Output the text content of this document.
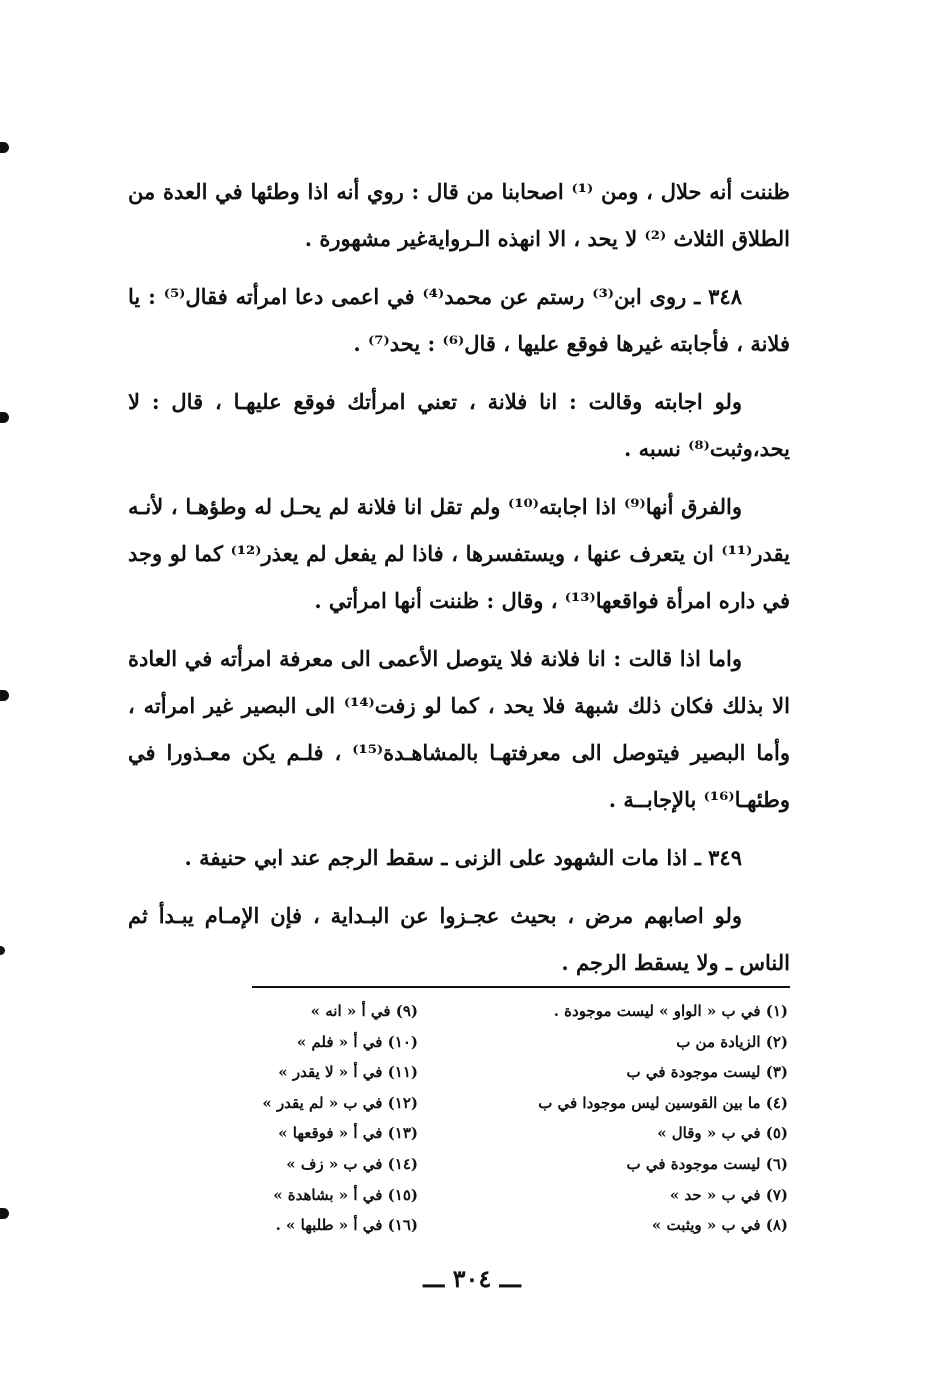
ظننت أنه حلال ، ومن ⁽¹⁾ اصحابنا من قال : روي أنه اذا وطئها في العدة من الطلاق الثلاث ⁽²⁾ لا يحد ، الا انهذه الـروايةغير مشهورة .

٣٤٨ ـ روى ابن⁽³⁾ رستم عن محمد⁽⁴⁾ في اعمى دعا امرأته فقال⁽⁵⁾ : يا فلانة ، فأجابته غيرها فوقع عليها ، قال⁽⁶⁾ : يحد⁽⁷⁾ .

ولو اجابته وقالت : انا فلانة ، تعني امرأتك فوقع عليهـا ، قال : لا يحد،وثبت⁽⁸⁾ نسبه .

والفرق أنها⁽⁹⁾ اذا اجابته⁽¹⁰⁾ ولم تقل انا فلانة لم يحـل له وطؤهـا ، لأنـه يقدر⁽¹¹⁾ ان يتعرف عنها ، ويستفسرها ، فاذا لم يفعل لم يعذر⁽¹²⁾ كما لو وجد في داره امرأة فواقعها⁽¹³⁾ ، وقال : ظننت أنها امرأتي .

واما اذا قالت : انا فلانة فلا يتوصل الأعمى الى معرفة امرأته في العادة الا بذلك فكان ذلك شبهة فلا يحد ، كما لو زفت⁽¹⁴⁾ الى البصير غير امرأته ، وأما البصير فيتوصل الى معرفتهـا بالمشاهـدة⁽¹⁵⁾ ، فلـم يكن معـذورا في وطئهـا⁽¹⁶⁾ بالإجابــة .

٣٤٩ ـ اذا مات الشهود على الزنى ـ سقط الرجم عند ابي حنيفة .

ولو اصابهم مرض ، بحيث عجـزوا عن البـداية ، فإن الإمـام يبـدأ ثم الناس ـ ولا يسقط الرجم .

(١) في ب « الواو » ليست موجودة .
(٢) الزيادة من ب
(٣) ليست موجودة في ب
(٤) ما بين القوسين ليس موجودا في ب
(٥) في ب « وقال »
(٦) ليست موجودة في ب
(٧) في ب « حد »
(٨) في ب « ويثبت »
(٩) في أ « انه »
(١٠) في أ « فلم »
(١١) في أ « لا يقدر »
(١٢) في ب « لم يقدر »
(١٣) في أ « فوقعها »
(١٤) في ب « زف »
(١٥) في أ « بشاهدة »
(١٦) في أ « طلبها » .
ـــ ٣٠٤ ـــ
